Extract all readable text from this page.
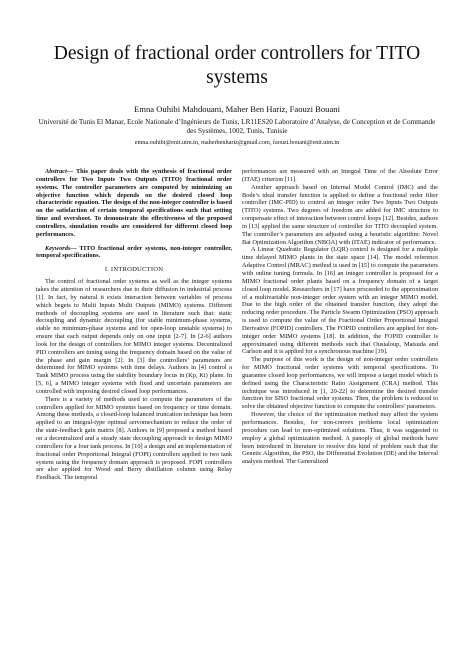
Design of fractional order controllers for TITO systems
Emna Ouhibi Mahdouani, Maher Ben Hariz, Faouzi Bouani
Université de Tunis El Manar, Ecole Nationale d’Ingénieurs de Tunis, LR11ES20 Laboratoire d’Analyse, de Conception et de Commande des Systèmes, 1002, Tunis, Tunisie
emna.ouhibi@enit.utm.tn, maherbenhariz@gmail.com, faouzi.bouani@enit.utm.tn
Abstract— This paper deals with the synthesis of fractional order controllers for Two Inputs Two Outputs (TITO) fractional order systems. The controller parameters are computed by minimizing an objective function which depends on the desired closed loop characteristic equation. The design of the non-integer controller is based on the satisfaction of certain temporal specifications such that setting time and overshoot. To demonstrate the effectiveness of the proposed controllers, simulation results are considered for different closed loop performances.
Keywords— TITO fractional order systems, non-integer controller, temporal specifications.
I. INTRODUCTION

The control of fractional order systems as well as the integer systems takes the attention of researchers due to their diffusion in industrial process [1]. In fact, by natural it exists interaction between variables of process which begets to Multi Inputs Multi Outputs (MIMO) systems. Different methods of decoupling systems are used in literature such that: static decoupling and dynamic decoupling (for stable minimum-phase systems, stable no minimum-phase systems and for open-loop unstable systems) to ensure that each output depends only on one input [2-7]. In [2-6] authors look for the design of controllers for MIMO integer systems. Decentralized PID controllers are tuning using the frequency domain based on the value of the phase and gain margin [2]. In [3] the controllers’ parameters are determined for MIMO systems with time delays. Authors in [4] control a Tank MIMO process using the stability boundary locus in (Kp, Ki) plane. In [5, 6], a MIMO integer systems with fixed and uncertain parameters are controlled with imposing desired closed loop performances.

There is a variety of methods used to compute the parameters of the controllers applied for MIMO systems based on frequency or time domain. Among these methods, a closed-loop balanced truncation technique has been applied to an integral-type optimal servomechanism to reduce the order of the state-feedback gain matrix [8]. Authors in [9] proposed a method based on a decentralized and a steady state decoupling approach to design MIMO controllers for a four tank process. In [10] a design and an implementation of fractional order Proportional Integral (FOPI) controllers applied to two tank system using the frequency domain approach is proposed. FOPI controllers are also applied for Wood and Berry distillation column using Relay Feedback. The temporal

performances are measured with an Integral Time of the Absolute Error (ITAE) criterion [11].

Another approach based on Internal Model Control (IMC) and the Bode’s ideal transfer function is applied to define a fractional order filter controller (IMC-PID) to control an integer order Two Inputs Two Outputs (TITO) systems. Two degrees of freedom are added for IMC structure to compensate effect of interaction between control loops [12]. Besides, authors in [13] applied the same structure of controller for TITO decoupled system. The controller’s parameters are adjusted using a heuristic algorithm: Novel Bat Optimization Algorithm (NBOA) with (ITAE) indicator of performance.

A Linear Quadratic Regulator (LQR) control is designed for a multiple time delayed MIMO plants in the state space [14]. The model reference Adaptive Control (MRAC) method is used in [15] to compute the parameters with online tuning formula. In [16] an integer controller is proposed for a MIMO fractional order plants based on a frequency domain of a target closed loop model. Researchers in [17] have proceeded to the approximation of a multivariable non-integer order system with an integer MIMO model. Due to the high order of the obtained transfer function, they adopt the reducing order procedure. The Particle Swarm Optimization (PSO) approach is used to compute the value of the Fractional Order Proportional Integral Derivative (FOPID) controllers. The FOPID controllers are applied for non-integer order MIMO systems [18]. In addition, the FOPID controller is approximated using different methods such that Oustaloup, Matsuda and Carlson and it is applied for a synchronous machine [19].

The purpose of this work is the design of non-integer order controllers for MIMO fractional order systems with temporal specifications. To guarantee closed loop performances, we will impose a target model which is defined using the Characteristic Ratio Assignment (CRA) method. This technique was introduced in [1, 20-22] to determine the desired transfer function for SISO fractional order systems. Then, the problem is reduced to solve the obtained objective function to compute the controllers’ parameters.

However, the choice of the optimization method may affect the system performances. Besides, for non-convex problems local optimization procedure can lead to non-optimized solutions. Thus, it was suggested to employ a global optimization method. A panoply of global methods have been introduced in literature to resolve this kind of problem such that the Genetic Algorithm, the PSO, the Differential Evolution (DE) and the Interval analysis method. The Generalized
